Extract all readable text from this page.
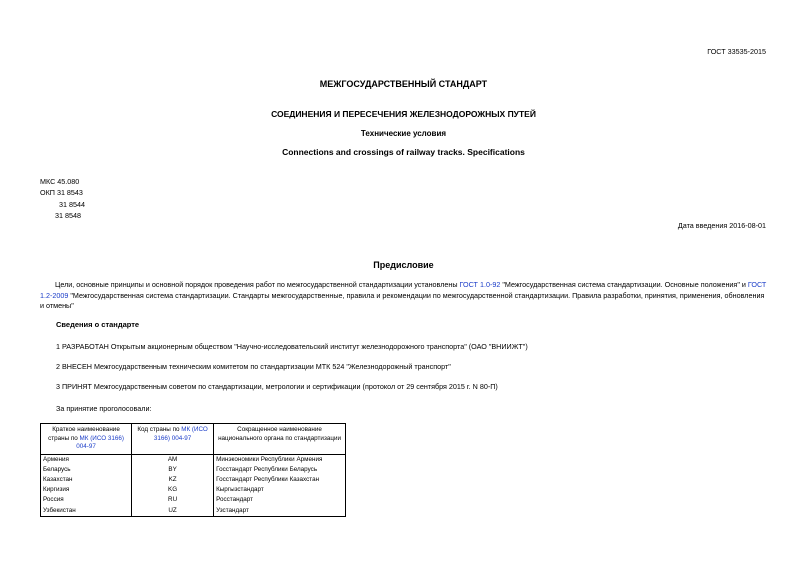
ГОСТ 33535-2015
МЕЖГОСУДАРСТВЕННЫЙ СТАНДАРТ
СОЕДИНЕНИЯ И ПЕРЕСЕЧЕНИЯ ЖЕЛЕЗНОДОРОЖНЫХ ПУТЕЙ
Технические условия
Connections and crossings of railway tracks. Specifications
МКС 45.080
ОКП 31 8543
31 8544
31 8548
Дата введения 2016-08-01
Предисловие
Цели, основные принципы и основной порядок проведения работ по межгосударственной стандартизации установлены ГОСТ 1.0-92 "Межгосударственная система стандартизации. Основные положения" и ГОСТ 1.2-2009 "Межгосударственная система стандартизации. Стандарты межгосударственные, правила и рекомендации по межгосударственной стандартизации. Правила разработки, принятия, применения, обновления и отмены"
Сведения о стандарте
1 РАЗРАБОТАН Открытым акционерным обществом "Научно-исследовательский институт железнодорожного транспорта" (ОАО "ВНИИЖТ")
2 ВНЕСЕН Межгосударственным техническим комитетом по стандартизации МТК 524 "Железнодорожный транспорт"
3 ПРИНЯТ Межгосударственным советом по стандартизации, метрологии и сертификации (протокол от 29 сентября 2015 г. N 80-П)
За принятие проголосовали:
Краткое наименование страны по МК (ИСО 3166) 004-97	Код страны по МК (ИСО 3166) 004-97	Сокращенное наименование национального органа по стандартизации
Армения	AM	Минэкономики Республики Армения
Беларусь	BY	Госстандарт Республики Беларусь
Казахстан	KZ	Госстандарт Республики Казахстан
Киргизия	KG	Кыргызстандарт
Россия	RU	Росстандарт
Узбекистан	UZ	Узстандарт
